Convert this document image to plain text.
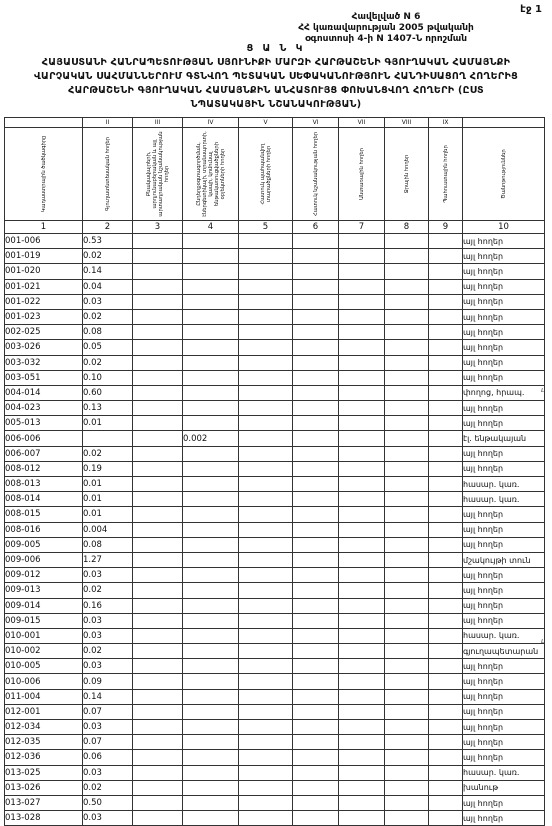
էջ 1
Հավելված N 6
ՀՀ կառավարության 2005 թվականի
օգոստոսի 4-ի N 1407-Ն որոշման
Ց Ա Ն Կ
ՀԱՅԱՍՏԱՆԻ ՀԱՆՐԱՊԵՏՈՒԹՅԱՆ ՍՅՈՒՆԻՔԻ ՄԱՐԶԻ ՀԱՐԹԱՇԵՆԻ ԳՅՈՒՂԱԿԱՆ ՀԱՄԱՅՆՔԻ
ՎԱՐՉԱԿԱՆ ՍԱՀՄԱՆՆԵՐՈՒՄ ԳՏՆՎՈՂ ՊԵՏԱԿԱՆ ՍԵՓԱԿԱՆՈՒԹՅՈՒՆ ՀԱՆԴԻՍԱՑՈՂ ՀՈՂԵՐԻՑ
ՀԱՐԹԱՇԵՆԻ ԳՅՈՒՂԱԿԱՆ ՀԱՄԱՅՆՔԻՆ ԱՆՀԱՏՈՒՅՑ ՓՈԽԱՆՑՎՈՂ ՀՈՂԵՐԻ (ԸՍՏ
ՆՊԱՏԱԿԱՅԻՆ ՆՇԱՆԱԿՈՒԹՅԱՆ)
	II	III	IV	V	VI	VII	VIII	IX	

Կադաստրային ծածկագիրը	Գյուղատնտեսական հողեր	Բնակավայրերի, արդյունաբերական և այլ արտադրական նշանակության հողեր	Ընդերքօգտագործման, էներգետիկայի, տրանսպորտի, կապի, կոմունալ ենթակառուցվածքների օբյեկտների հողեր	Հատուկ պահպանվող տարածքների հողեր	Հատուկ նշանակության հողեր	Անտառային հողեր	Ջրային հողեր	Պահուստային հողեր	Ծանոթություններ

1	2	3	4	5	6	7	8	9	10
001-006	0.53								այլ հողեր
001-019	0.02								այլ հողեր
001-020	0.14								այլ հողեր
001-021	0.04								այլ հողեր
001-022	0.03								այլ հողեր
001-023	0.02								այլ հողեր
002-025	0.08								այլ հողեր
003-026	0.05								այլ հողեր
003-032	0.02								այլ հողեր
003-051	0.10								այլ հողեր
004-014	0.60								փողոց, հրապ.
004-023	0.13								այլ հողեր
005-013	0.01								այլ հողեր
006-006			0.002						էլ. ենթակայան
006-007	0.02								այլ հողեր
008-012	0.19								այլ հողեր
008-013	0.01								հասար. կառ.
008-014	0.01								հասար. կառ.
008-015	0.01								այլ հողեր
008-016	0.004								այլ հողեր
009-005	0.08								այլ հողեր
009-006	1.27								մշակույթի տուն
009-012	0.03								այլ հողեր
009-013	0.02								այլ հողեր
009-014	0.16								այլ հողեր
009-015	0.03								այլ հողեր
010-001	0.03								հասար. կառ.
010-002	0.02								գյուղապետարան
010-005	0.03								այլ հողեր
010-006	0.09								այլ հողեր
011-004	0.14								այլ հողեր
012-001	0.07								այլ հողեր
012-034	0.03								այլ հողեր
012-035	0.07								այլ հողեր
012-036	0.06								այլ հողեր
013-025	0.03								հասար. կառ.
013-026	0.02								խանութ
013-027	0.50								այլ հողեր
013-028	0.03								այլ հողեր
ւ
ւ
